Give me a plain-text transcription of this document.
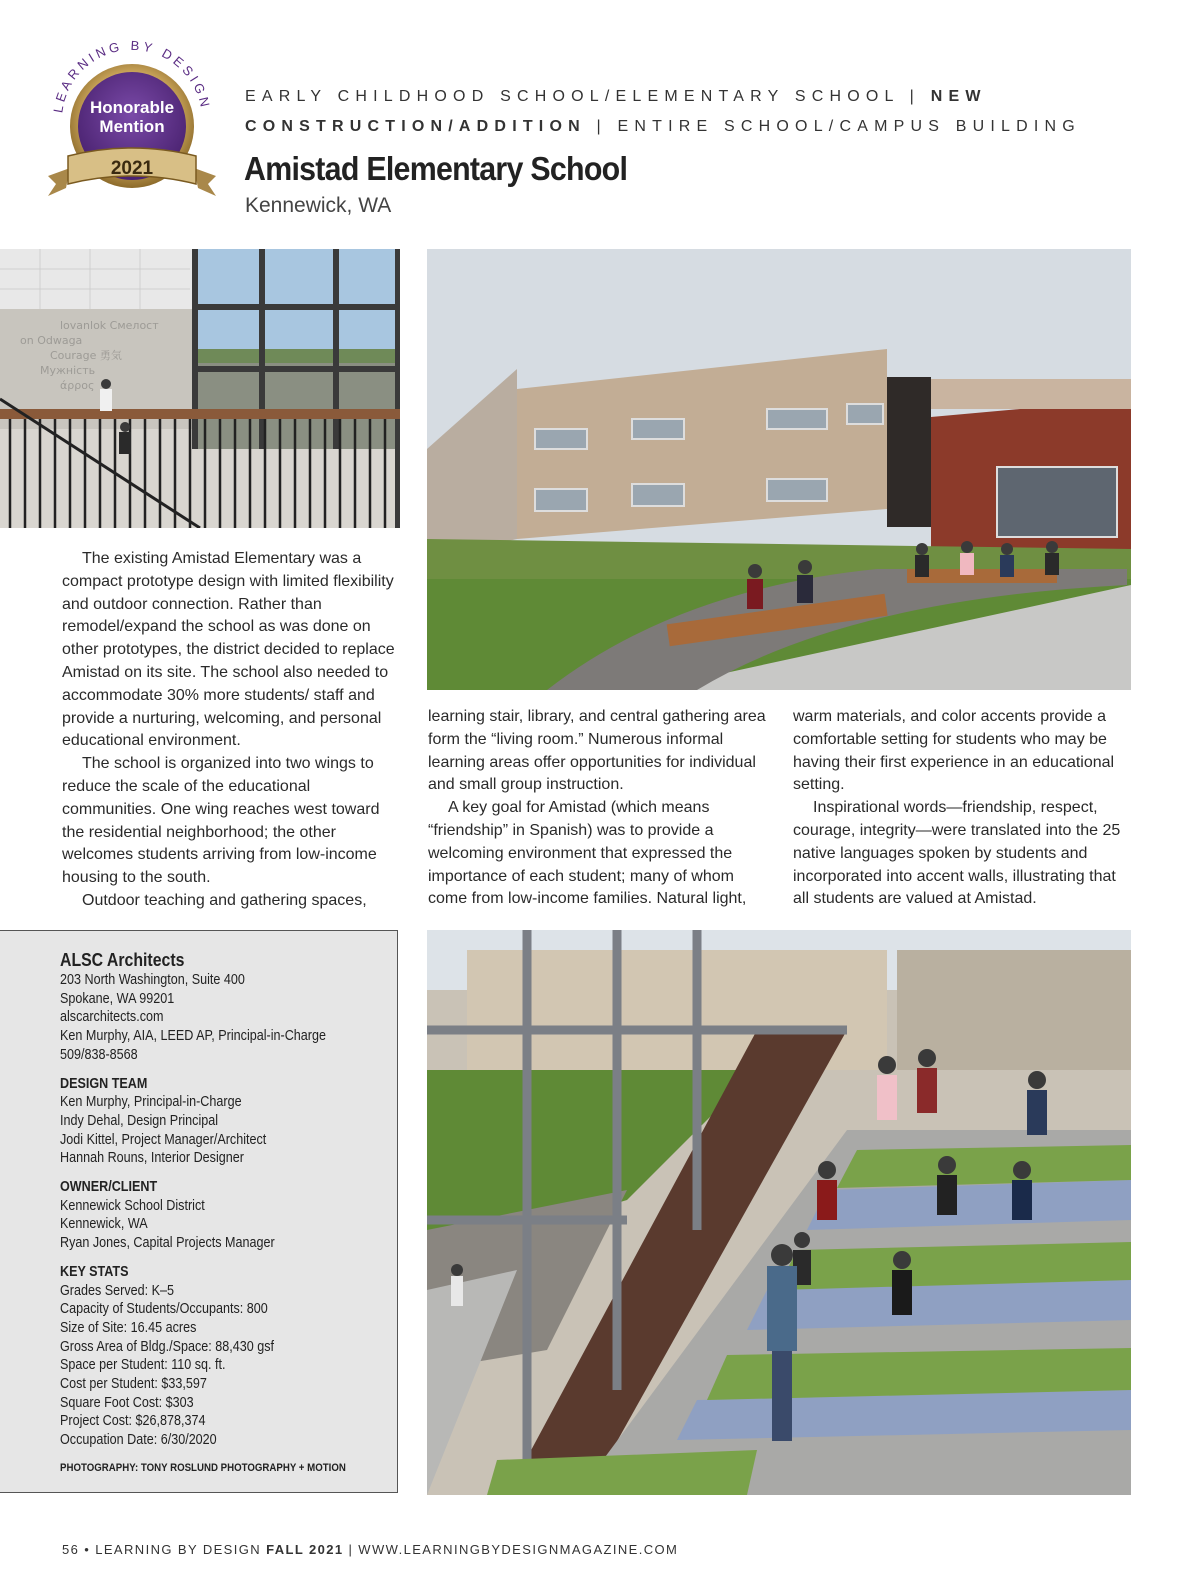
LEARNING BY DESIGN
Honorable
Mention
2021
EARLY CHILDHOOD SCHOOL/ELEMENTARY SCHOOL | NEW
CONSTRUCTION/ADDITION | ENTIRE SCHOOL/CAMPUS BUILDING
Amistad Elementary School
Kennewick, WA
lovanlok Смелост
on Odwaga
Courage 勇気
Mужність
άρρος

The existing Amistad Elementary was a compact prototype design with limited flexibility and outdoor connection. Rather than remodel/expand the school as was done on other prototypes, the district decided to replace Amistad on its site. The school also needed to accommodate 30% more students/ staff and provide a nurturing, welcoming, and personal educational environment.

The school is organized into two wings to reduce the scale of the educational communities. One wing reaches west toward the residential neighborhood; the other welcomes students arriving from low-income housing to the south.

Outdoor teaching and gathering spaces,

learning stair, library, and central gathering area form the “living room.” Numerous informal learning areas offer opportunities for individual and small group instruction.

A key goal for Amistad (which means “friendship” in Spanish) was to provide a welcoming environment that expressed the importance of each student; many of whom come from low-income families. Natural light,

warm materials, and color accents provide a comfortable setting for students who may be having their first experience in an educational setting.

Inspirational words—friendship, respect, courage, integrity—were translated into the 25 native languages spoken by students and incorporated into accent walls, illustrating that all students are valued at Amistad.

ALSC Architects
203 North Washington, Suite 400
Spokane, WA 99201
alscarchitects.com
Ken Murphy, AIA, LEED AP, Principal-in-Charge
509/838-8568
DESIGN TEAM
Ken Murphy, Principal-in-Charge
Indy Dehal, Design Principal
Jodi Kittel, Project Manager/Architect
Hannah Rouns, Interior Designer
OWNER/CLIENT
Kennewick School District
Kennewick, WA
Ryan Jones, Capital Projects Manager
KEY STATS
Grades Served: K–5
Capacity of Students/Occupants: 800
Size of Site: 16.45 acres
Gross Area of Bldg./Space: 88,430 gsf
Space per Student: 110 sq. ft.
Cost per Student: $33,597
Square Foot Cost: $303
Project Cost: $26,878,374
Occupation Date: 6/30/2020
PHOTOGRAPHY: TONY ROSLUND PHOTOGRAPHY + MOTION
56 • LEARNING BY DESIGN FALL 2021 | WWW.LEARNINGBYDESIGNMAGAZINE.COM
